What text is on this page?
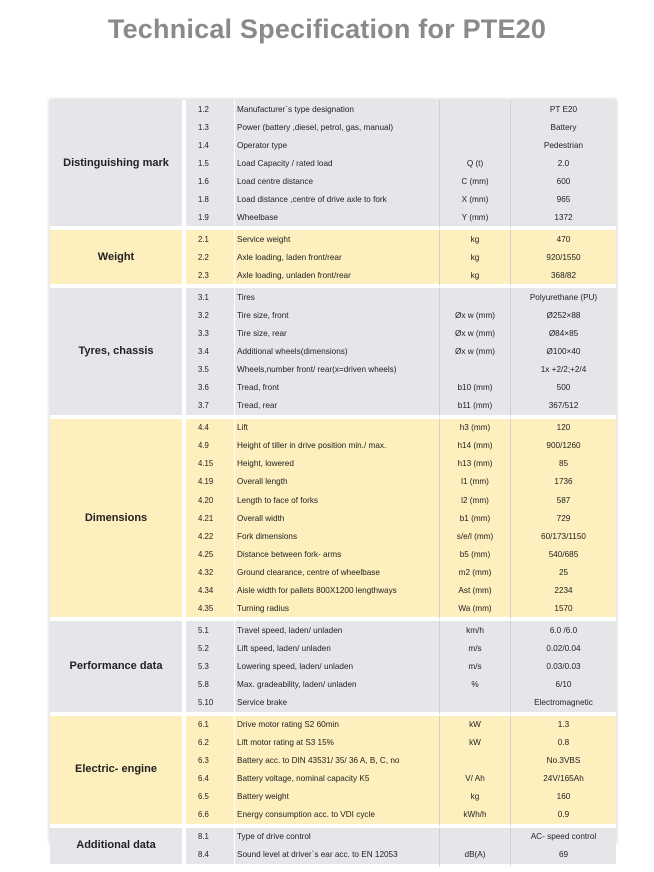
Technical Specification for PTE20
Distinguishing mark	1.2	Manufacturer`s type designation		PT E20
	1.3	Power (battery ,diesel, petrol, gas, manual)		Battery
	1.4	Operator type		Pedestrian
	1.5	Load Capacity / rated load	Q (t)	2.0
	1.6	Load centre distance	C (mm)	600
	1.8	Load distance ,centre of drive axle to fork	X (mm)	965
	1.9	Wheelbase	Y (mm)	1372
Weight	2.1	Service weight	kg	470
	2.2	Axle loading, laden front/rear	kg	920/1550
	2.3	Axle loading, unladen front/rear	kg	368/82
Tyres, chassis	3.1	Tires		Polyurethane (PU)
	3.2	Tire size, front	Øx w (mm)	Ø252×88
	3.3	Tire size, rear	Øx w (mm)	Ø84×85
	3.4	Additional wheels(dimensions)	Øx w (mm)	Ø100×40
	3.5	Wheels,number front/ rear(x=driven wheels)		1x +2/2;+2/4
	3.6	Tread, front	b10 (mm)	500
	3.7	Tread, rear	b11 (mm)	367/512
Dimensions	4.4	Lift	h3 (mm)	120
	4.9	Height of tiller in drive position min./ max.	h14 (mm)	900/1260
	4.15	Height, lowered	h13 (mm)	85
	4.19	Overall length	l1 (mm)	1736
	4.20	Length to face of forks	l2 (mm)	587
	4.21	Overall width	b1 (mm)	729
	4.22	Fork dimensions	s/e/l (mm)	60/173/1150
	4.25	Distance between fork- arms	b5 (mm)	540/685
	4.32	Ground clearance, centre of wheelbase	m2 (mm)	25
	4.34	Aisle width for pallets 800X1200 lengthways	Ast (mm)	2234
	4.35	Turning radius	Wa (mm)	1570
Performance data	5.1	Travel speed, laden/ unladen	km/h	6.0 /6.0
	5.2	Lift speed, laden/ unladen	m/s	0.02/0.04
	5.3	Lowering speed, laden/ unladen	m/s	0.03/0.03
	5.8	Max. gradeability, laden/ unladen	%	6/10
	5.10	Service brake		Electromagnetic
Electric- engine	6.1	Drive motor rating S2 60min	kW	1.3
	6.2	Lift motor rating at S3 15%	kW	0.8
	6.3	Battery acc. to DIN 43531/ 35/ 36 A, B, C, no		No.3VBS
	6.4	Battery voltage, nominal capacity K5	V/ Ah	24V/165Ah
	6.5	Battery weight	kg	160
	6.6	Energy consumption acc. to VDI cycle	kWh/h	0.9
Additional data	8.1	Type of drive control		AC- speed control
	8.4	Sound level at driver`s ear acc. to EN 12053	dB(A)	69
